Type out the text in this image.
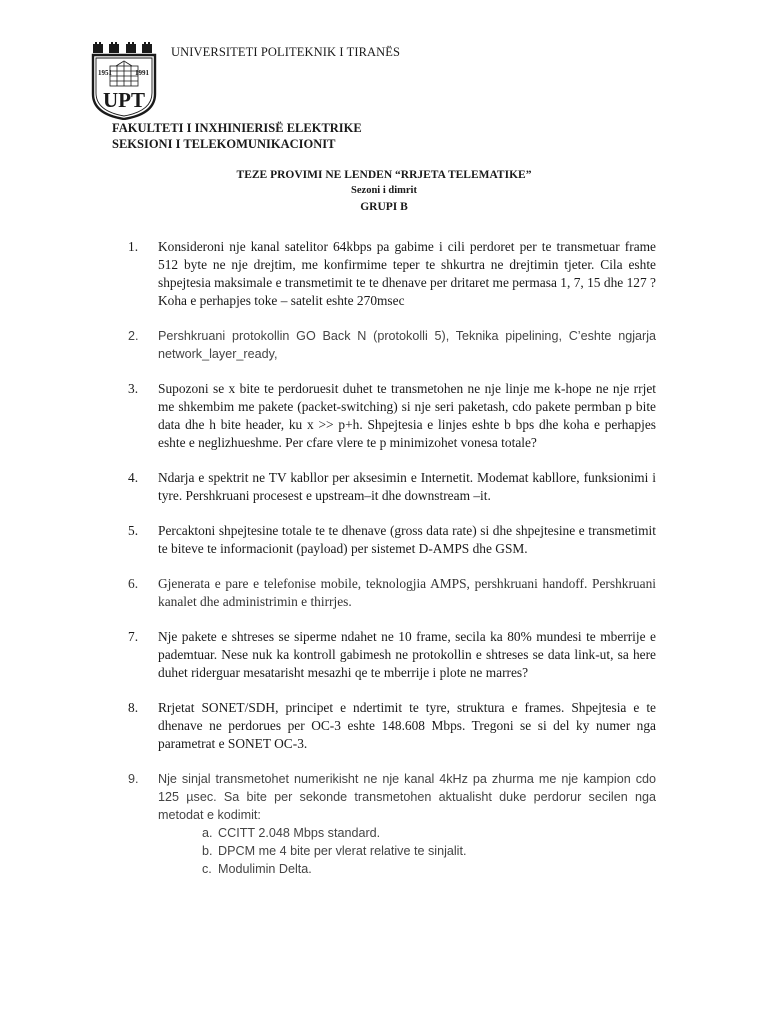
1951	1991
UPT
UNIVERSITETI POLITEKNIK I TIRANËS
FAKULTETI I INXHINIERISË ELEKTRIKE
SEKSIONI I TELEKOMUNIKACIONIT
TEZE PROVIMI NE LENDEN “RRJETA TELEMATIKE”
Sezoni i dimrit
GRUPI B
1.	Konsideroni nje kanal satelitor 64kbps pa gabime i cili perdoret per te transmetuar frame 512 byte ne nje drejtim, me konfirmime teper te shkurtra ne drejtimin tjeter. Cila eshte shpejtesia maksimale e transmetimit te te dhenave per dritaret me permasa 1, 7, 15 dhe 127 ? Koha e perhapjes toke – satelit eshte 270msec
2.	Pershkruani protokollin GO Back N (protokolli 5), Teknika pipelining, C’eshte ngjarja network_layer_ready,
3.	Supozoni se x bite te perdoruesit duhet te transmetohen ne nje linje me k-hope ne nje rrjet me shkembim me pakete (packet-switching) si nje seri paketash, cdo pakete permban p bite data dhe h bite header, ku x >> p+h. Shpejtesia e linjes eshte b bps dhe koha e perhapjes eshte e neglizhueshme. Per cfare vlere te p minimizohet vonesa totale?
4.	Ndarja e spektrit ne TV kabllor per aksesimin e Internetit. Modemat kabllore, funksionimi i tyre. Pershkruani procesest e upstream–it dhe downstream –it.
5.	Percaktoni shpejtesine totale te te dhenave (gross data rate) si dhe shpejtesine e transmetimit te biteve te informacionit (payload) per sistemet D-AMPS dhe GSM.
6.	Gjenerata e pare e telefonise mobile, teknologjia AMPS, pershkruani handoff. Pershkruani kanalet dhe administrimin e thirrjes.
7.	Nje pakete e shtreses se siperme ndahet ne 10 frame, secila ka 80% mundesi te mberrije e pademtuar. Nese nuk ka kontroll gabimesh ne protokollin e shtreses se data link-ut, sa here duhet riderguar mesatarisht mesazhi qe te mberrije i plote ne marres?
8.	Rrjetat SONET/SDH, principet e ndertimit te tyre, struktura e frames. Shpejtesia e te dhenave ne perdorues per OC-3 eshte 148.608 Mbps. Tregoni se si del ky numer nga parametrat e SONET OC-3.
9.	Nje sinjal transmetohet numerikisht ne nje kanal 4kHz pa zhurma me nje kampion cdo 125 µsec. Sa bite per sekonde transmetohen aktualisht duke perdorur secilen nga metodat e kodimit:
a. CCITT 2.048 Mbps standard.
b. DPCM me 4 bite per vlerat relative te sinjalit.
c. Modulimin Delta.
